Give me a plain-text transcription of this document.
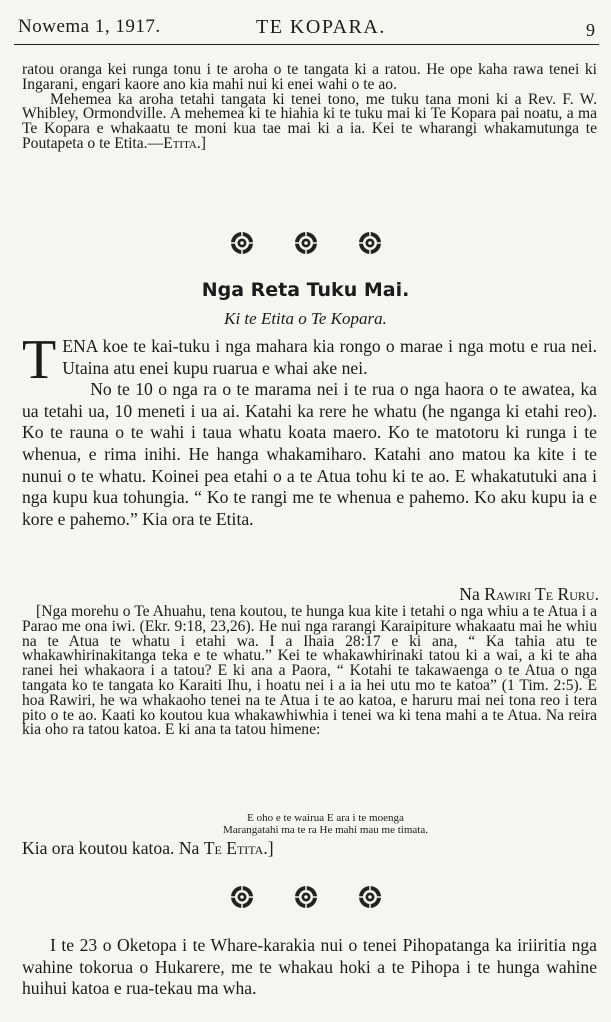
Nowema 1, 1917.	TE KOPARA.	9

ratou oranga kei runga tonu i te aroha o te tangata ki a ratou. He ope kaha rawa tenei ki Ingarani, engari kaore ano kia mahi nui ki enei wahi o te ao.

Mehemea ka aroha tetahi tangata ki tenei tono, me tuku tana moni ki a Rev. F. W. Whibley, Ormondville. A mehemea ki te hiahia ki te tuku mai ki Te Kopara pai noatu, a ma Te Kopara e whakaatu te moni kua tae mai ki a ia. Kei te wharangi whakamutunga te Poutapeta o te Etita.—Etita.]

Nga Reta Tuku Mai.
Ki te Etita o Te Kopara.

TENA koe te kai-tuku i nga mahara kia rongo o marae i nga motu e rua nei. Utaina atu enei kupu ruarua e whai ake nei.

No te 10 o nga ra o te marama nei i te rua o nga haora o te awatea, ka ua tetahi ua, 10 meneti i ua ai. Katahi ka rere he whatu (he nganga ki etahi reo). Ko te rauna o te wahi i taua whatu koata maero. Ko te matotoru ki runga i te whenua, e rima inihi. He hanga whakamiharo. Katahi ano matou ka kite i te nunui o te whatu. Koinei pea etahi o a te Atua tohu ki te ao. E whakatutuki ana i nga kupu kua tohungia. “ Ko te rangi me te whenua e pahemo. Ko aku kupu ia e kore e pahemo.” Kia ora te Etita.

Na Rawiri Te Ruru.

[Nga morehu o Te Ahuahu, tena koutou, te hunga kua kite i tetahi o nga whiu a te Atua i a Parao me ona iwi. (Ekr. 9:18, 23,26). He nui nga rarangi Karaipiture whakaatu mai he whiu na te Atua te whatu i etahi wa. I a Ihaia 28:17 e ki ana, “ Ka tahia atu te whakawhirinakitanga teka e te whatu.” Kei te whakawhirinaki tatou ki a wai, a ki te aha ranei hei whakaora i a tatou? E ki ana a Paora, “ Kotahi te takawaenga o te Atua o nga tangata ko te tangata ko Karaiti Ihu, i hoatu nei i a ia hei utu mo te katoa” (1 Tim. 2:5). E hoa Rawiri, he wa whakaoho tenei na te Atua i te ao katoa, e haruru mai nei tona reo i tera pito o te ao. Kaati ko koutou kua whakawhiwhia i tenei wa ki tena mahi a te Atua. Na reira kia oho ra tatou katoa. E ki ana ta tatou himene:

E oho e te wairua E ara i te moenga
Marangatahi ma te ra He mahi mau me timata.

Kia ora koutou katoa. Na Te Etita.]

I te 23 o Oketopa i te Whare-karakia nui o tenei Pihopatanga ka iriiritia nga wahine tokorua o Hukarere, me te whakau hoki a te Pihopa i te hunga wahine huihui katoa e rua-tekau ma wha.
